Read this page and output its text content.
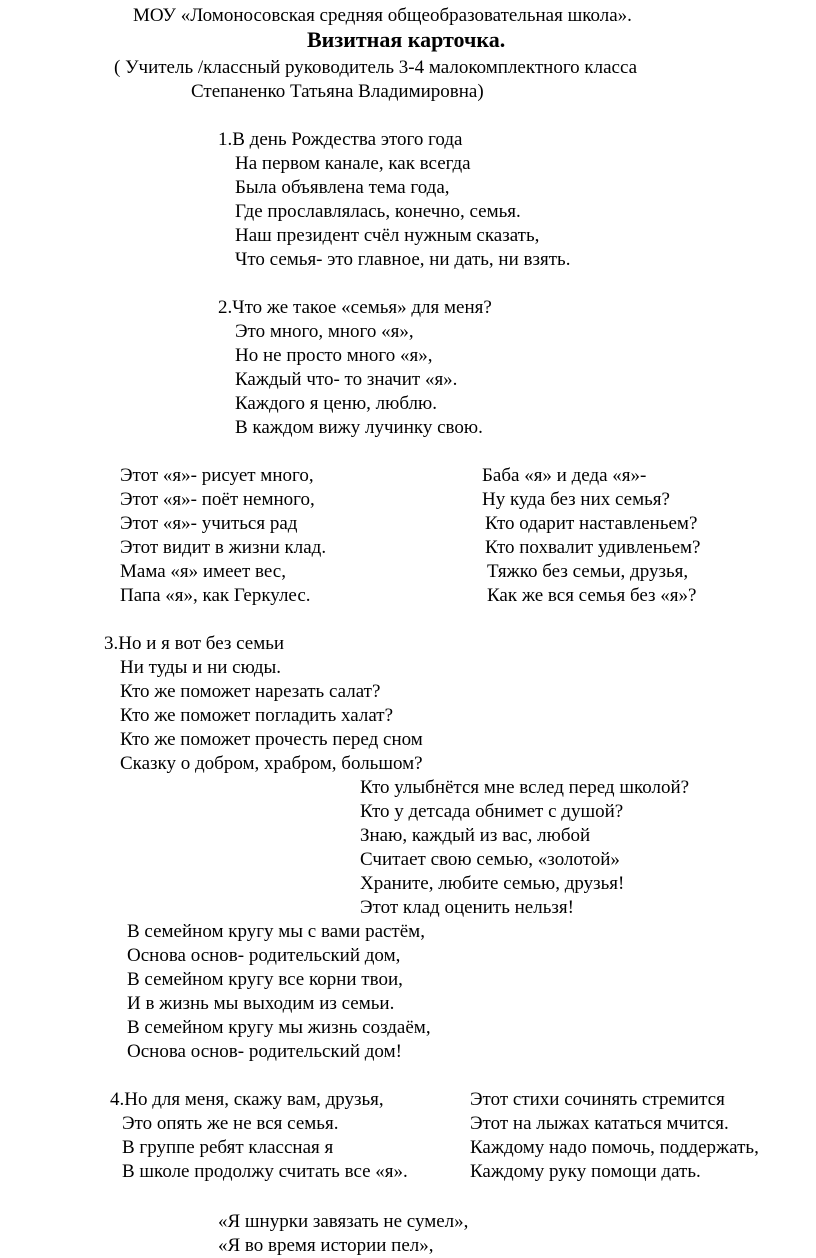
МОУ «Ломоносовская средняя общеобразовательная школа».
Визитная карточка.
( Учитель /классный руководитель 3-4 малокомплектного класса
Степаненко Татьяна Владимировна)
1.В день Рождества этого года
На первом канале, как всегда
Была объявлена тема года,
Где прославлялась, конечно, семья.
Наш президент счёл нужным сказать,
Что семья- это главное, ни дать, ни взять.
2.Что же такое «семья» для меня?
Это много, много «я»,
Но не просто много «я»,
Каждый что- то значит «я».
Каждого я ценю, люблю.
В каждом вижу лучинку свою.
Этот «я»- рисует много,
Этот «я»- поёт немного,
Этот «я»- учиться рад
Этот видит в жизни клад.
Мама «я» имеет вес,
Папа «я», как Геркулес.
Баба «я» и деда «я»-
Ну куда без них семья?
Кто одарит наставленьем?
Кто похвалит удивленьем?
Тяжко без семьи, друзья,
Как же вся семья без «я»?
3.Но и я вот без семьи
Ни туды и ни сюды.
Кто же поможет нарезать салат?
Кто же поможет погладить халат?
Кто же поможет прочесть перед сном
Сказку о добром, храбром, большом?
Кто улыбнётся мне вслед перед школой?
Кто у детсада обнимет с душой?
Знаю, каждый из вас, любой
Считает свою семью, «золотой»
Храните, любите семью, друзья!
Этот клад оценить нельзя!
В семейном кругу мы с вами растём,
Основа основ- родительский дом,
В семейном кругу все корни твои,
И в жизнь мы выходим из семьи.
В семейном кругу мы жизнь создаём,
Основа основ- родительский дом!
4.Но для меня, скажу вам, друзья,
Это опять же не вся семья.
В группе ребят классная я
В школе продолжу считать все «я».
Этот стихи сочинять стремится
Этот на лыжах кататься мчится.
Каждому надо помочь, поддержать,
Каждому руку помощи дать.
«Я шнурки завязать не сумел»,
«Я во время истории пел»,
